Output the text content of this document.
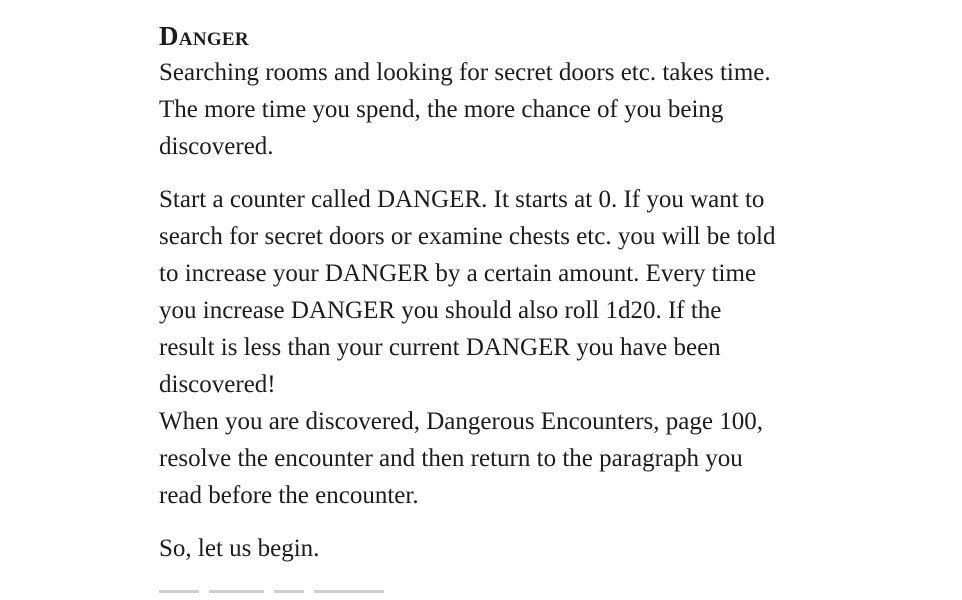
Danger

Searching rooms and looking for secret doors etc. takes time.
The more time you spend, the more chance of you being
discovered.

Start a counter called DANGER. It starts at 0. If you want to
search for secret doors or examine chests etc. you will be told
to increase your DANGER by a certain amount. Every time
you increase DANGER you should also roll 1d20. If the
result is less than your current DANGER you have been
discovered!
When you are discovered, Dangerous Encounters, page 100,
resolve the encounter and then return to the paragraph you
read before the encounter.

So, let us begin.
